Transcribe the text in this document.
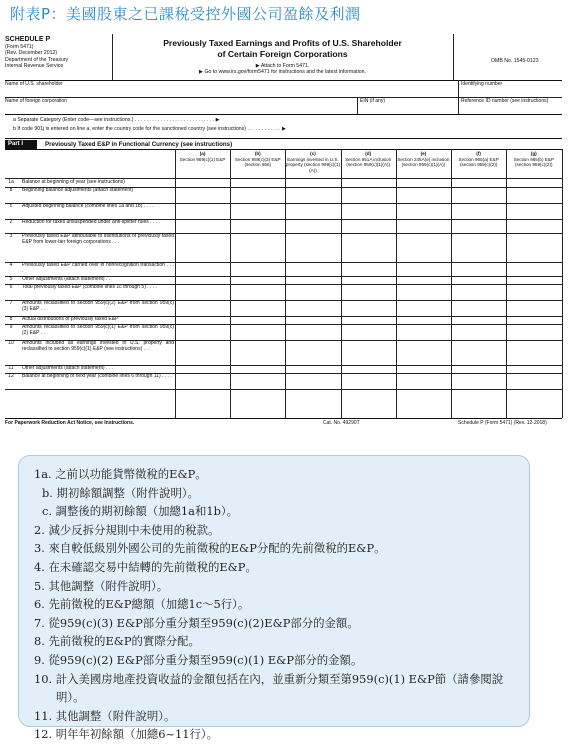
附表P：美國股東之已課稅受控外國公司盈餘及利潤
SCHEDULE P
(Form 5471)
(Rev. December 2012)
Department of the Treasury
Internal Revenue Service
Previously Taxed Earnings and Profits of U.S. Shareholder
of Certain Foreign Corporations
▶ Attach to Form 5471.
▶ Go to www.irs.gov/form5471 for instructions and the latest information.
OMB No. 1545-0123
Name of U.S. shareholder	Identifying number
Name of foreign corporation	EIN (if any)	Reference ID number (see instructions)
a Separate Category (Enter code—see instructions.) . . . . . . . . . . . . . . . . . . . . . . . . . . . . ▶
b If code 901j is entered on line a, enter the country code for the sanctioned country (see instructions) . . . . . . . . . . . . ▶
Part I	Previously Taxed E&P in Functional Currency (see instructions)
(a)
Section 959(c)(1) E&P
(b)
Section 959(c)(2) E&P (section 956)
(c)
Earnings invested in U.S. property (section 959(c)(1)(A))
(d)
Section 951A inclusion (section 959(c)(1)(A))
(e)
Section 245A(e) inclusion (section 959(c)(1)(A))
(f)
Section 965(a) E&P (section 959(c)(2))
(g)
Section 965(b) E&P (section 959(c)(2))
1a	Balance at beginning of year (see instructions)
b	Beginning balance adjustments (attach statement)
c	Adjusted beginning balance (combine lines 1a and 1b) . . . .
2	Reduction for taxes unsuspended under anti-splitter rules . . . .
3	Previously taxed E&P attributable to distributions of previously taxed E&P from lower-tier foreign corporations . . .
4	Previously taxed E&P carried over in nonrecognition transaction . . . .
5	Other adjustments (attach statement) . .
6	Total previously taxed E&P (combine lines 1c through 5) . . . .
7	Amounts reclassified to section 959(c)(2) E&P from section 959(c)(3) E&P . .
8	Actual distributions of previously taxed E&P
9	Amounts reclassified to section 959(c)(1) E&P from section 959(c)(2) E&P . .
10	Amounts included as earnings invested in U.S. property and reclassified to section 959(c)(1) E&P (see instructions) . . .
11	Other adjustments (attach statement) . . .
12	Balance at beginning of next year (combine lines 6 through 11) . . . .
For Paperwork Reduction Act Notice, see Instructions.	Cat. No. 49290T	Schedule P (Form 5471) (Rev. 12-2018)
1a. 之前以功能貨幣徵稅的E&P。
b. 期初餘額調整（附件說明）。
c. 調整後的期初餘額（加總1a和1b）。
2. 減少反拆分規則中未使用的稅款。
3. 來自較低級別外國公司的先前徵稅的E&P分配的先前徵稅的E&P。
4. 在未確認交易中結轉的先前徵稅的E&P。
5. 其他調整（附件說明）。
6. 先前徵稅的E&P總額（加總1c～5行）。
7. 從959(c)(3) E&P部分重分類至959(c)(2)E&P部分的金額。
8. 先前徵稅的E&P的實際分配。
9. 從959(c)(2) E&P部分重分類至959(c)(1) E&P部分的金額。
10. 計入美國房地產投資收益的金額包括在內，並重新分類至第959(c)(1) E&P節（請參閱說明）。
11. 其他調整（附件說明）。
12. 明年年初餘額（加總6~11行）。
